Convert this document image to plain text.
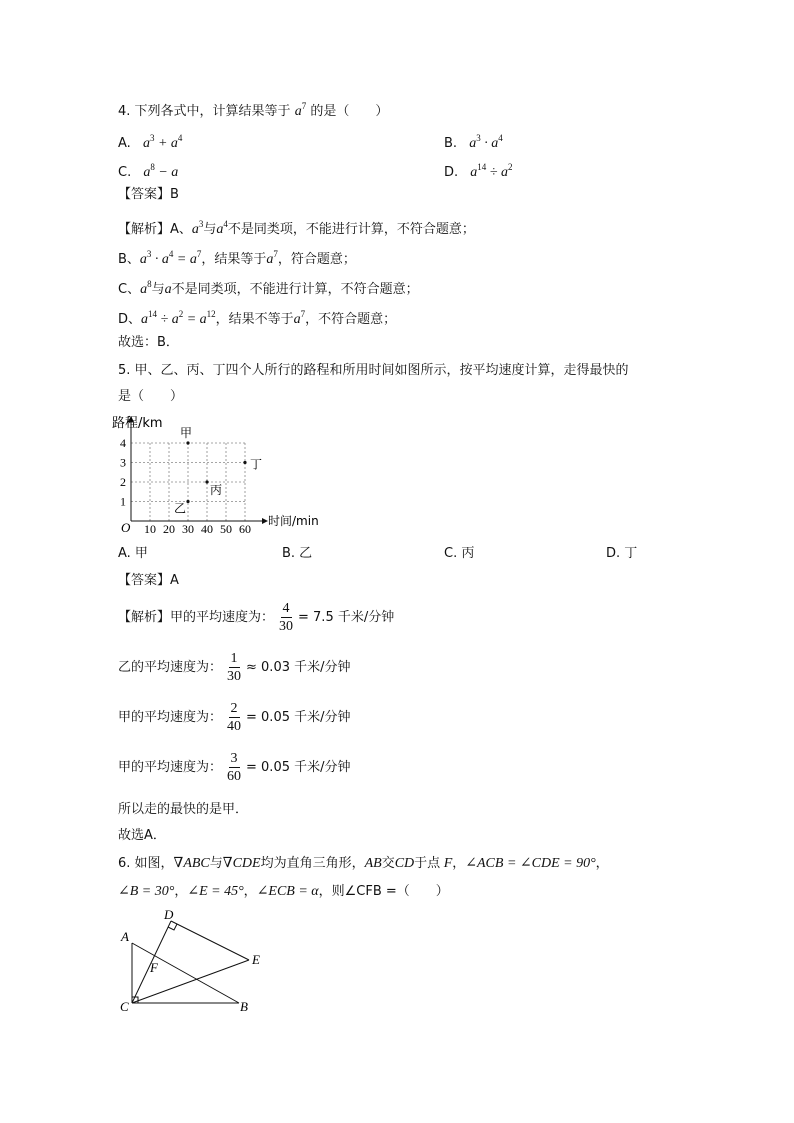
4. 下列各式中，计算结果等于 $a^7$ 的是（　　）
A. $a^3 + a^4$	B. $a^3 \cdot a^4$
C. $a^8 - a$	D. $a^{14} \div a^2$
【答案】B
【解析】A、$a^3$与$a^4$不是同类项，不能进行计算，不符合题意；
B、$a^3 \cdot a^4 = a^7$，结果等于$a^7$，符合题意；
C、$a^8$与a不是同类项，不能进行计算，不符合题意；
D、$a^{14} \div a^2 = a^{12}$，结果不等于$a^7$，不符合题意；
故选：B．
5. 甲、乙、丙、丁四个人所行的路程和所用时间如图所示，按平均速度计算，走得最快的
是（　　）
路程/km
时间/min
O 10 20 30 40 50 60
1
2
3
4
甲
乙
丙
丁
A. 甲	B. 乙	C. 丙	D. 丁
【答案】A
【解析】甲的平均速度为： $\frac{4}{30} = 7.5$ 千米/分钟
乙的平均速度为： $\frac{1}{30} \approx 0.03$ 千米/分钟
甲的平均速度为： $\frac{2}{40} = 0.05$ 千米/分钟
甲的平均速度为： $\frac{3}{60} = 0.05$ 千米/分钟
所以走的最快的是甲．
故选A．
6. 如图，∇ABC与∇CDE均为直角三角形，AB交CD于点 F，∠ACB = ∠CDE = 90°，
∠B = 30°，∠E = 45°，∠ECB = α，则∠CFB =（　　）
A
B
C
D
E
F
